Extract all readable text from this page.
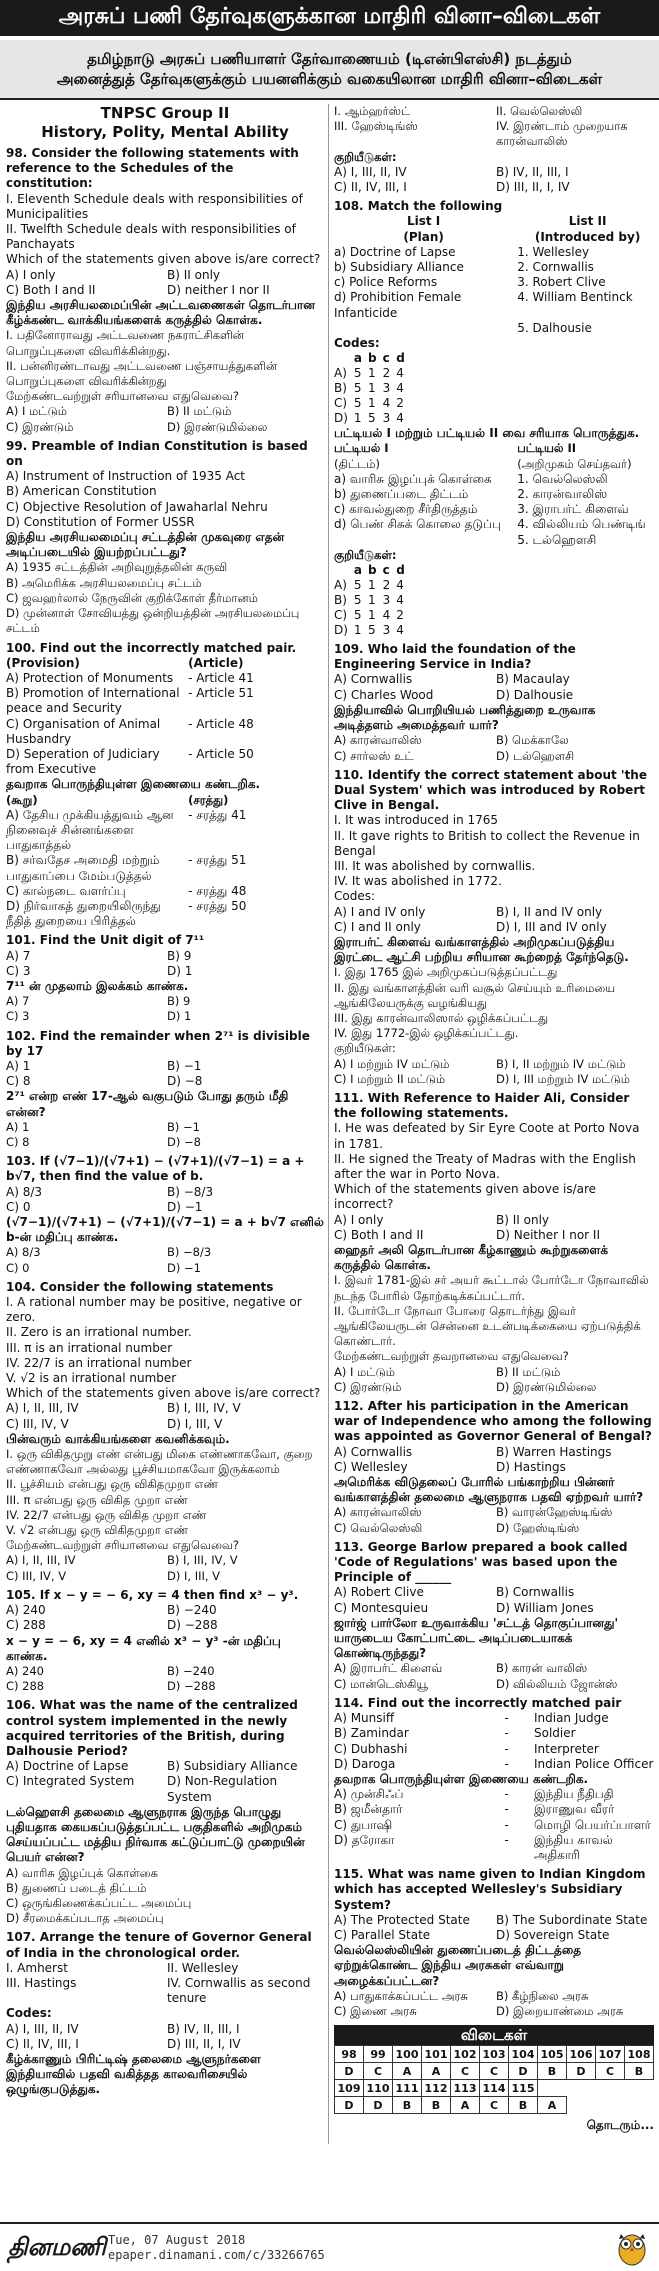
அரசுப் பணி தேர்வுகளுக்கான மாதிரி வினா–விடைகள்
தமிழ்நாடு அரசுப் பணியாளர் தேர்வாணையம் (டிஎன்பிஎஸ்சி) நடத்தும்
அனைத்துத் தேர்வுகளுக்கும் பயனளிக்கும் வகையிலான மாதிரி வினா–விடைகள்
TNPSC Group II
History, Polity, Mental Ability
98. Consider the following statements with reference to the Schedules of the constitution:
I. Eleventh Schedule deals with responsibilities of Municipalities
II. Twelfth Schedule deals with responsibilities of Panchayats
Which of the statements given above is/are correct?
A) I only	B) II only
C) Both I and II	D) neither I nor II
இந்திய அரசியலமைப்பின் அட்டவணைகள் தொடர்பான கீழ்க்கண்ட வாக்கியங்களைக் கருத்தில் கொள்க.
I. பதினோராவது அட்டவணை நகராட்சிகளின் பொறுப்புகளை விவரிக்கின்றது.
II. பன்னிரண்டாவது அட்டவணை பஞ்சாயத்துகளின் பொறுப்புகளை விவரிக்கின்றது
மேற்கண்டவற்றுள் சரியானவை எதுவெவை?
A) I மட்டும்	B) II மட்டும்
C) இரண்டும்	D) இரண்டுமில்லை
99. Preamble of Indian Constitution is based on
A) Instrument of Instruction of 1935 Act
B) American Constitution
C) Objective Resolution of Jawaharlal Nehru
D) Constitution of Former USSR
இந்திய அரசியலமைப்பு சட்டத்தின் முகவுரை எதன் அடிப்படையில் இயற்றப்பட்டது?
A) 1935 சட்டத்தின் அறிவுறுத்தலின் கருவி
B) அமெரிக்க அரசியலமைப்பு சட்டம்
C) ஜவஹர்லால் நேருவின் குறிக்கோள் தீர்மானம்
D) முன்னாள் சோவியத்து ஒன்றியத்தின் அரசியலமைப்பு சட்டம்
100. Find out the incorrectly matched pair.
(Provision)	(Article)
A) Protection of Monuments	- Article 41
B) Promotion of International peace and Security
- Article 51
C) Organisation of Animal Husbandry
- Article 48
D) Seperation of Judiciary from Executive
- Article 50
தவறாக பொருந்தியுள்ள இணையை கண்டறிக.
(கூறு)	(சரத்து)
A) தேசிய முக்கியத்துவம் ஆன நினைவுச் சின்னங்களை பாதுகாத்தல்
- சரத்து 41
B) சர்வதேச அமைதி மற்றும் பாதுகாப்பை மேம்படுத்தல்
- சரத்து 51
C) கால்நடை வளர்ப்பு	- சரத்து 48
D) நிர்வாகத் துறையிலிருந்து நீதித் துறையை பிரித்தல்
- சரத்து 50
101. Find the Unit digit of 7¹¹
A) 7	B) 9
C) 3	D) 1
7¹¹ ன் முதலாம் இலக்கம் காண்க.
A) 7	B) 9
C) 3	D) 1
102. Find the remainder when 2⁷¹ is divisible by 17
A) 1	B) −1
C) 8	D) −8
2⁷¹ என்ற எண் 17-ஆல் வகுபடும் போது தரும் மீதி என்ன?
A) 1	B) −1
C) 8	D) −8
103. If (√7−1)/(√7+1) − (√7+1)/(√7−1) = a + b√7, then find the value of b.
A) 8/3	B) −8/3
C) 0	D) −1
(√7−1)/(√7+1) − (√7+1)/(√7−1) = a + b√7 எனில் b-ன் மதிப்பு காண்க.
A) 8/3	B) −8/3
C) 0	D) −1
104. Consider the following statements
I. A rational number may be positive, negative or zero.
II. Zero is an irrational number.
III. π is an irrational number
IV. 22/7 is an irrational number
V. √2 is an irrational number
Which of the statements given above is/are correct?
A) I, II, III, IV	B) I, III, IV, V
C) III, IV, V	D) I, III, V
பின்வரும் வாக்கியங்களை கவனிக்கவும்.
I. ஒரு விகிதமுறு எண் என்பது மிகை எண்ணாகவோ, குறை எண்ணாகவோ அல்லது பூச்சியமாகவோ இருக்கலாம்
II. பூச்சியம் என்பது ஒரு விகிதமுறா எண்
III. π என்பது ஒரு விகித முறா எண்
IV. 22/7 என்பது ஒரு விகித முறா எண்
V. √2 என்பது ஒரு விகிதமுறா எண்
மேற்கண்டவற்றுள் சரியானவை எதுவெவை?
A) I, II, III, IV	B) I, III, IV, V
C) III, IV, V	D) I, III, V
105. If x − y = − 6, xy = 4 then find x³ − y³.
A) 240	B) −240
C) 288	D) −288
x − y = − 6, xy = 4 எனில் x³ − y³ -ன் மதிப்பு காண்க.
A) 240	B) −240
C) 288	D) −288
106. What was the name of the centralized control system implemented in the newly acquired territories of the British, during Dalhousie Period?
A) Doctrine of Lapse	B) Subsidiary Alliance
C) Integrated System	D) Non-Regulation System
டல்ஹௌசி தலைமை ஆளுநராக இருந்த பொழுது புதியதாக கையகப்படுத்தப்பட்ட பகுதிகளில் அறிமுகம் செய்யப்பட்ட மத்திய நிர்வாக கட்டுப்பாட்டு முறையின் பெயர் என்ன?
A) வாரிசு இழப்புக் கொள்கை
B) துணைப் படைத் திட்டம்
C) ஒருங்கிணைக்கப்பட்ட அமைப்பு
D) சீரமைக்கப்படாத அமைப்பு
107. Arrange the tenure of Governor General of India in the chronological order.
I. Amherst	II. Wellesley
III. Hastings	IV. Cornwallis as second tenure
Codes:
A) I, III, II, IV	B) IV, II, III, I
C) II, IV, III, I	D) III, II, I, IV
கீழ்க்காணும் பிரிட்டிஷ் தலைமை ஆளுநர்களை இந்தியாவில் பதவி வகித்தத காலவரிசையில் ஒழுங்குபடுத்துக.
I. ஆம்ஹர்ஸ்ட்	II. வெல்லெஸ்லி
III. ஹேஸ்டிங்ஸ்	IV. இரண்டாம் முறையாக காரன்வாலிஸ்
குறியீடுகள்:
A) I, III, II, IV	B) IV, II, III, I
C) II, IV, III, I	D) III, II, I, IV
108. Match the following
List I	List II
(Plan)	(Introduced by)
a) Doctrine of Lapse	1. Wellesley
b) Subsidiary Alliance	2. Cornwallis
c) Police Reforms	3. Robert Clive
d) Prohibition Female Infanticide
4. William Bentinck
5. Dalhousie
Codes:
	a	b	c	d
A)	5	1	2	4
B)	5	1	3	4
C)	5	1	4	2
D)	1	5	3	4
பட்டியல் I மற்றும் பட்டியல் II வை சரியாக பொருத்துக.
பட்டியல் I	பட்டியல் II
(திட்டம்)	(அறிமுகம் செய்தவர்)
a) வாரிசு இழப்புக் கொள்கை	1. வெல்லெஸ்லி
b) துணைப்படை திட்டம்	2. காரன்வாலிஸ்
c) காவல்துறை சீர்திருத்தம்	3. இராபர்ட் கிளைவ்
d) பெண் சிசுக் கொலை தடுப்பு	4. வில்லியம் பெண்டிங்
5. டல்ஹௌசி
குறியீடுகள்:
	a	b	c	d
A)	5	1	2	4
B)	5	1	3	4
C)	5	1	4	2
D)	1	5	3	4
109. Who laid the foundation of the Engineering Service in India?
A) Cornwallis	B) Macaulay
C) Charles Wood	D) Dalhousie
இந்தியாவில் பொறியியல் பணித்துறை உருவாக அடித்தளம் அமைத்தவர் யார்?
A) காரன்வாலிஸ்	B) மெக்காலே
C) சார்லஸ் உட்	D) டல்ஹௌசி
110. Identify the correct statement about 'the Dual System' which was introduced by Robert Clive in Bengal.
I. It was introduced in 1765
II. It gave rights to British to collect the Revenue in Bengal
III. It was abolished by cornwallis.
IV. It was abolished in 1772.
Codes:
A) I and IV only	B) I, II and IV only
C) I and II only	D) I, III and IV only
இராபர்ட் கிளைவ் வங்காளத்தில் அறிமுகப்படுத்திய இரட்டை ஆட்சி பற்றிய சரியான கூற்றைத் தேர்ந்தெடு.
I. இது 1765 இல் அறிமுகப்படுத்தப்பட்டது
II. இது வங்காளத்தின் வரி வசூல் செய்யும் உரிமையை ஆங்கிலேயருக்கு வழங்கியது
III. இது காரன்வாலிஸால் ஒழிக்கப்பட்டது
IV. இது 1772-இல் ஒழிக்கப்பட்டது.
குறியீடுகள்:
A) I மற்றும் IV மட்டும்	B) I, II மற்றும் IV மட்டும்
C) I மற்றும் II மட்டும்	D) I, III மற்றும் IV மட்டும்
111. With Reference to Haider Ali, Consider the following statements.
I. He was defeated by Sir Eyre Coote at Porto Nova in 1781.
II. He signed the Treaty of Madras with the English after the war in Porto Nova.
Which of the statements given above is/are incorrect?
A) I only	B) II only
C) Both I and II	D) Neither I nor II
ஹைதர் அலி தொடர்பான கீழ்காணும் கூற்றுகளைக் கருத்தில் கொள்க.
I. இவர் 1781-இல் சர் அயர் கூட்டால் போர்டோ நோவாவில் நடந்த போரில் தோற்கடிக்கப்பட்டார்.
II. போர்டோ நோவா போரை தொடர்ந்து இவர் ஆங்கிலேயருடன் சென்னை உடன்படிக்கையை ஏற்படுத்திக் கொண்டார்.
மேற்கண்டவற்றுள் தவறானவை எதுவெவை?
A) I மட்டும்	B) II மட்டும்
C) இரண்டும்	D) இரண்டுமில்லை
112. After his participation in the American war of Independence who among the following was appointed as Governor General of Bengal?
A) Cornwallis	B) Warren Hastings
C) Wellesley	D) Hastings
அமெரிக்க விடுதலைப் போரில் பங்காற்றிய பின்னர் வங்காளத்தின் தலைமை ஆளுநராக பதவி ஏற்றவர் யார்?
A) காரன்வாலிஸ்	B) வாரன்ஹேஸ்டிங்ஸ்
C) வெல்லெஸ்லி	D) ஹேஸ்டிங்ஸ்
113. George Barlow prepared a book called 'Code of Regulations' was based upon the Principle of ______
A) Robert Clive	B) Cornwallis
C) Montesquieu	D) William Jones
ஜார்ஜ் பார்லோ உருவாக்கிய 'சட்டத் தொகுப்பானது' யாருடைய கோட்பாட்டை அடிப்படையாகக் கொண்டிருந்தது?
A) இராபர்ட் கிளைவ்	B) காரன் வாலிஸ்
C) மான்டெஸ்கியூ	D) வில்லியம் ஜோன்ஸ்
114. Find out the incorrectly matched pair
A) Munsiff	-	Indian Judge
B) Zamindar	-	Soldier
C) Dubhashi	-	Interpreter
D) Daroga	-	Indian Police Officer
தவறாக பொருந்தியுள்ள இணையை கண்டறிக.
A) முன்சிஃப்	-	இந்திய நீதிபதி
B) ஜமீன்தார்	-	இராணுவ வீரர்
C) துபாஷி	-	மொழி பெயர்ப்பாளர்
D) தரோகா	-	இந்திய காவல் அதிகாரி
115. What was name given to Indian Kingdom which has accepted Wellesley's Subsidiary System?
A) The Protected State	B) The Subordinate State
C) Parallel State	D) Sovereign State
வெல்லெஸ்லியின் துணைப்படைத் திட்டத்தை ஏற்றுக்கொண்ட இந்திய அரசுகள் எவ்வாறு அழைக்கப்பட்டன?
A) பாதுகாக்கப்பட்ட அரசு	B) கீழ்நிலை அரசு
C) இணை அரசு	D) இறையாண்மை அரசு
விடைகள்
98	99	100	101	102	103	104	105	106	107	108
D	C	A	A	C	C	D	B	D	C	B
109	110	111	112	113	114	115				
D	D	B	B	A	C	B	A			
தொடரும்...
தினமணி Tue, 07 August 2018
epaper.dinamani.com/c/33266765
